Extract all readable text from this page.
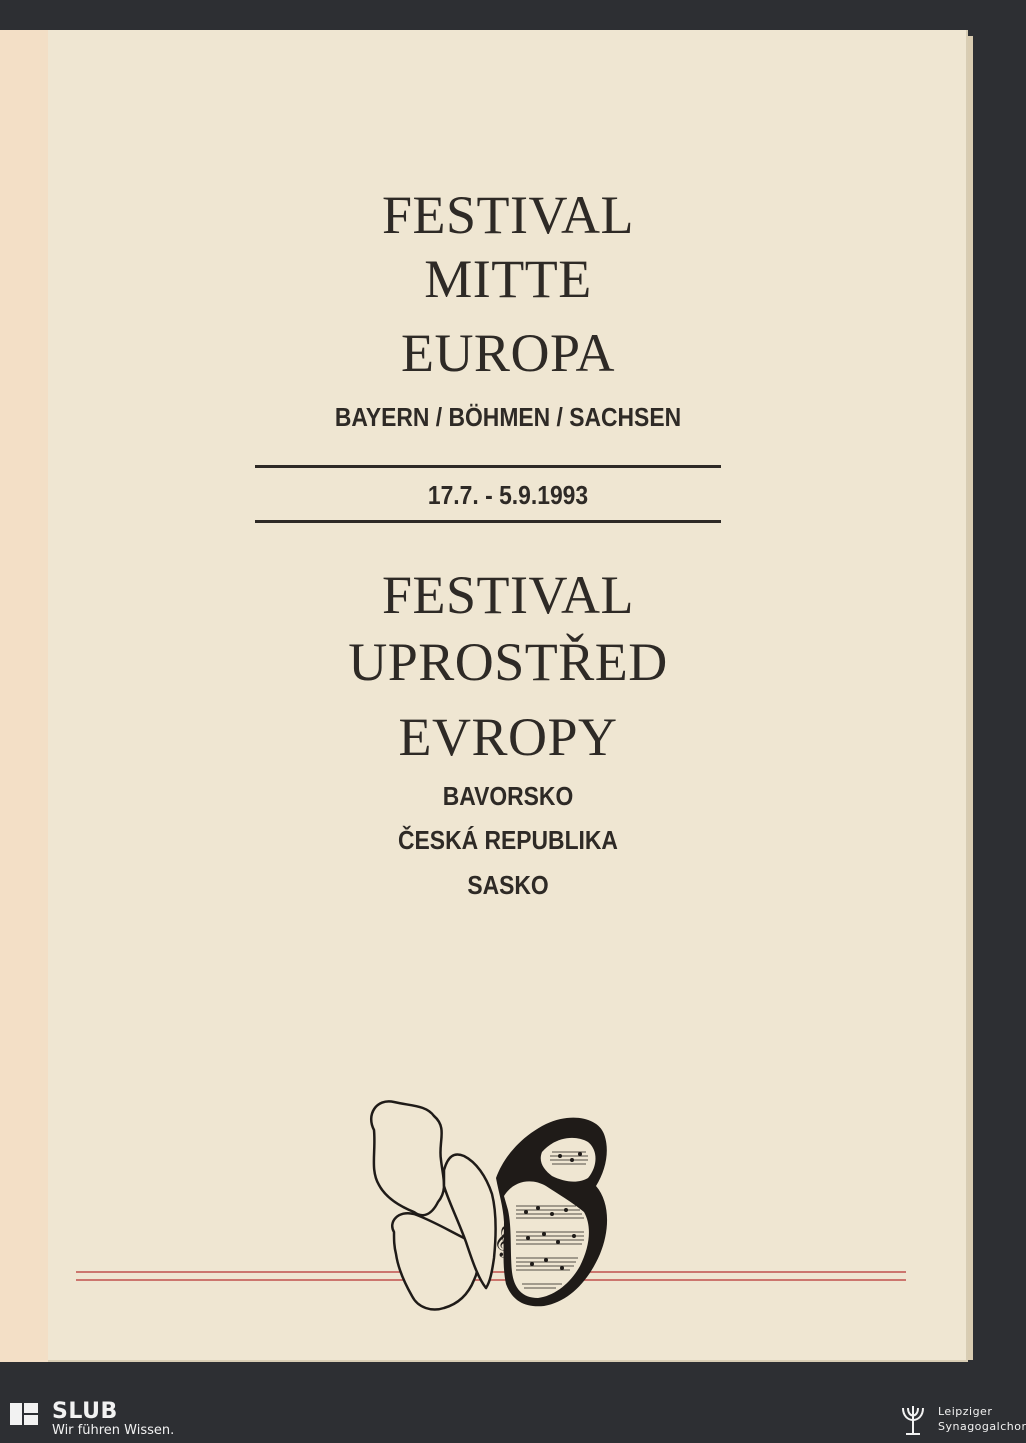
FESTIVAL
MITTE
EUROPA
BAYERN / BÖHMEN / SACHSEN
17.7. - 5.9.1993
FESTIVAL
UPROSTŘED
EVROPY
BAVORSKO
ČESKÁ REPUBLIKA
SASKO
𝄞
SLUB
Wir führen Wissen.
Leipziger
Synagogalchor
